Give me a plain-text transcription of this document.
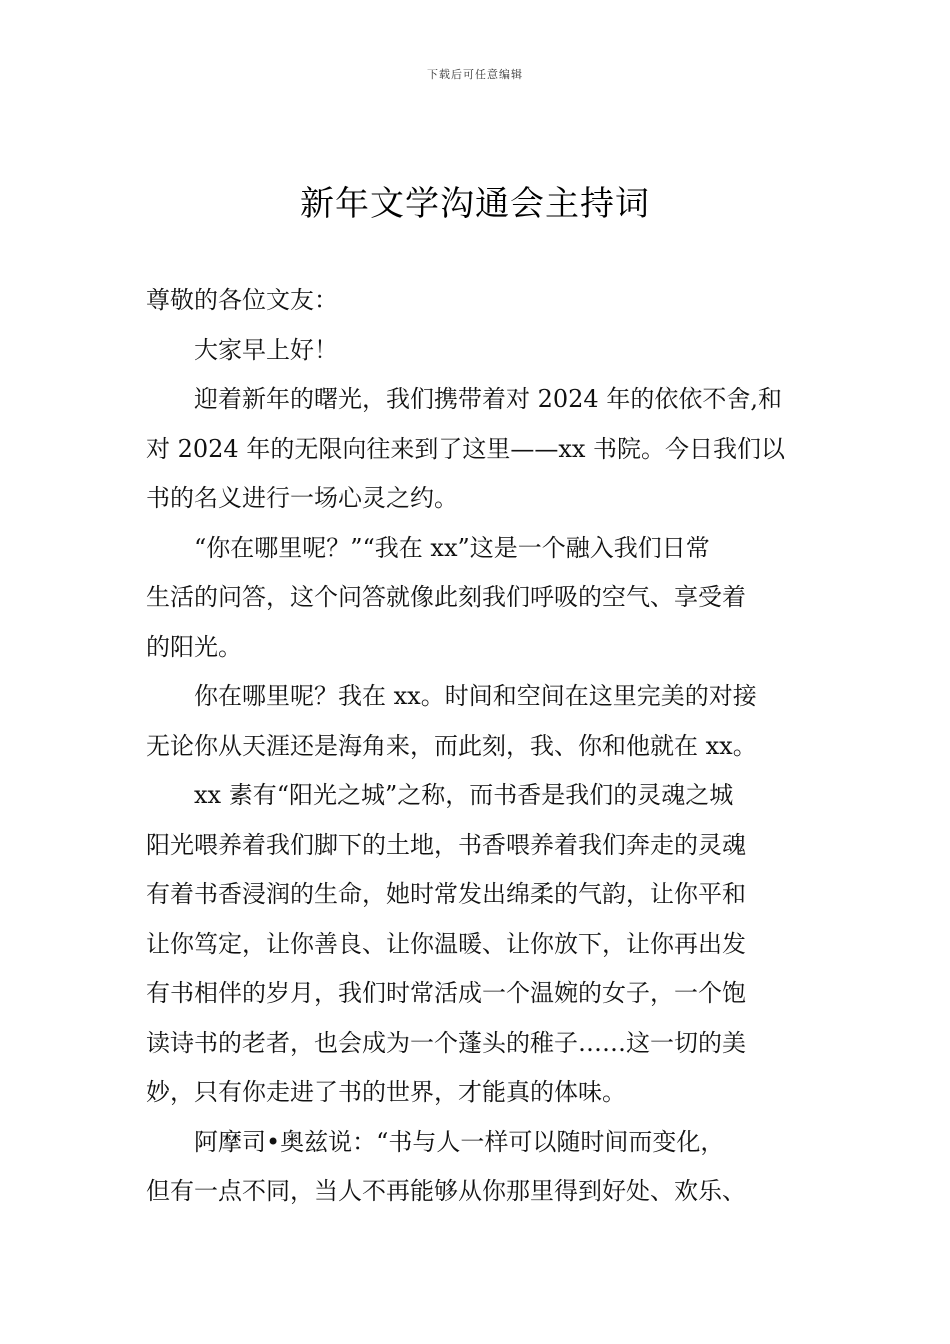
下载后可任意编辑
新年文学沟通会主持词
尊敬的各位文友：
大家早上好！
迎着新年的曙光，我们携带着对 2024 年的依依不舍,和
对 2024 年的无限向往来到了这里——xx 书院。今日我们以
书的名义进行一场心灵之约。
“你在哪里呢？”“我在 xx”这是一个融入我们日常
生活的问答，这个问答就像此刻我们呼吸的空气、享受着
的阳光。
你在哪里呢？我在 xx。时间和空间在这里完美的对接
无论你从天涯还是海角来，而此刻，我、你和他就在 xx。
xx 素有“阳光之城”之称，而书香是我们的灵魂之城
阳光喂养着我们脚下的土地，书香喂养着我们奔走的灵魂
有着书香浸润的生命，她时常发出绵柔的气韵，让你平和
让你笃定，让你善良、让你温暖、让你放下，让你再出发
有书相伴的岁月，我们时常活成一个温婉的女子，一个饱
读诗书的老者，也会成为一个蓬头的稚子……这一切的美
妙，只有你走进了书的世界，才能真的体味。
阿摩司•奥兹说：“书与人一样可以随时间而变化，
但有一点不同，当人不再能够从你那里得到好处、欢乐、
